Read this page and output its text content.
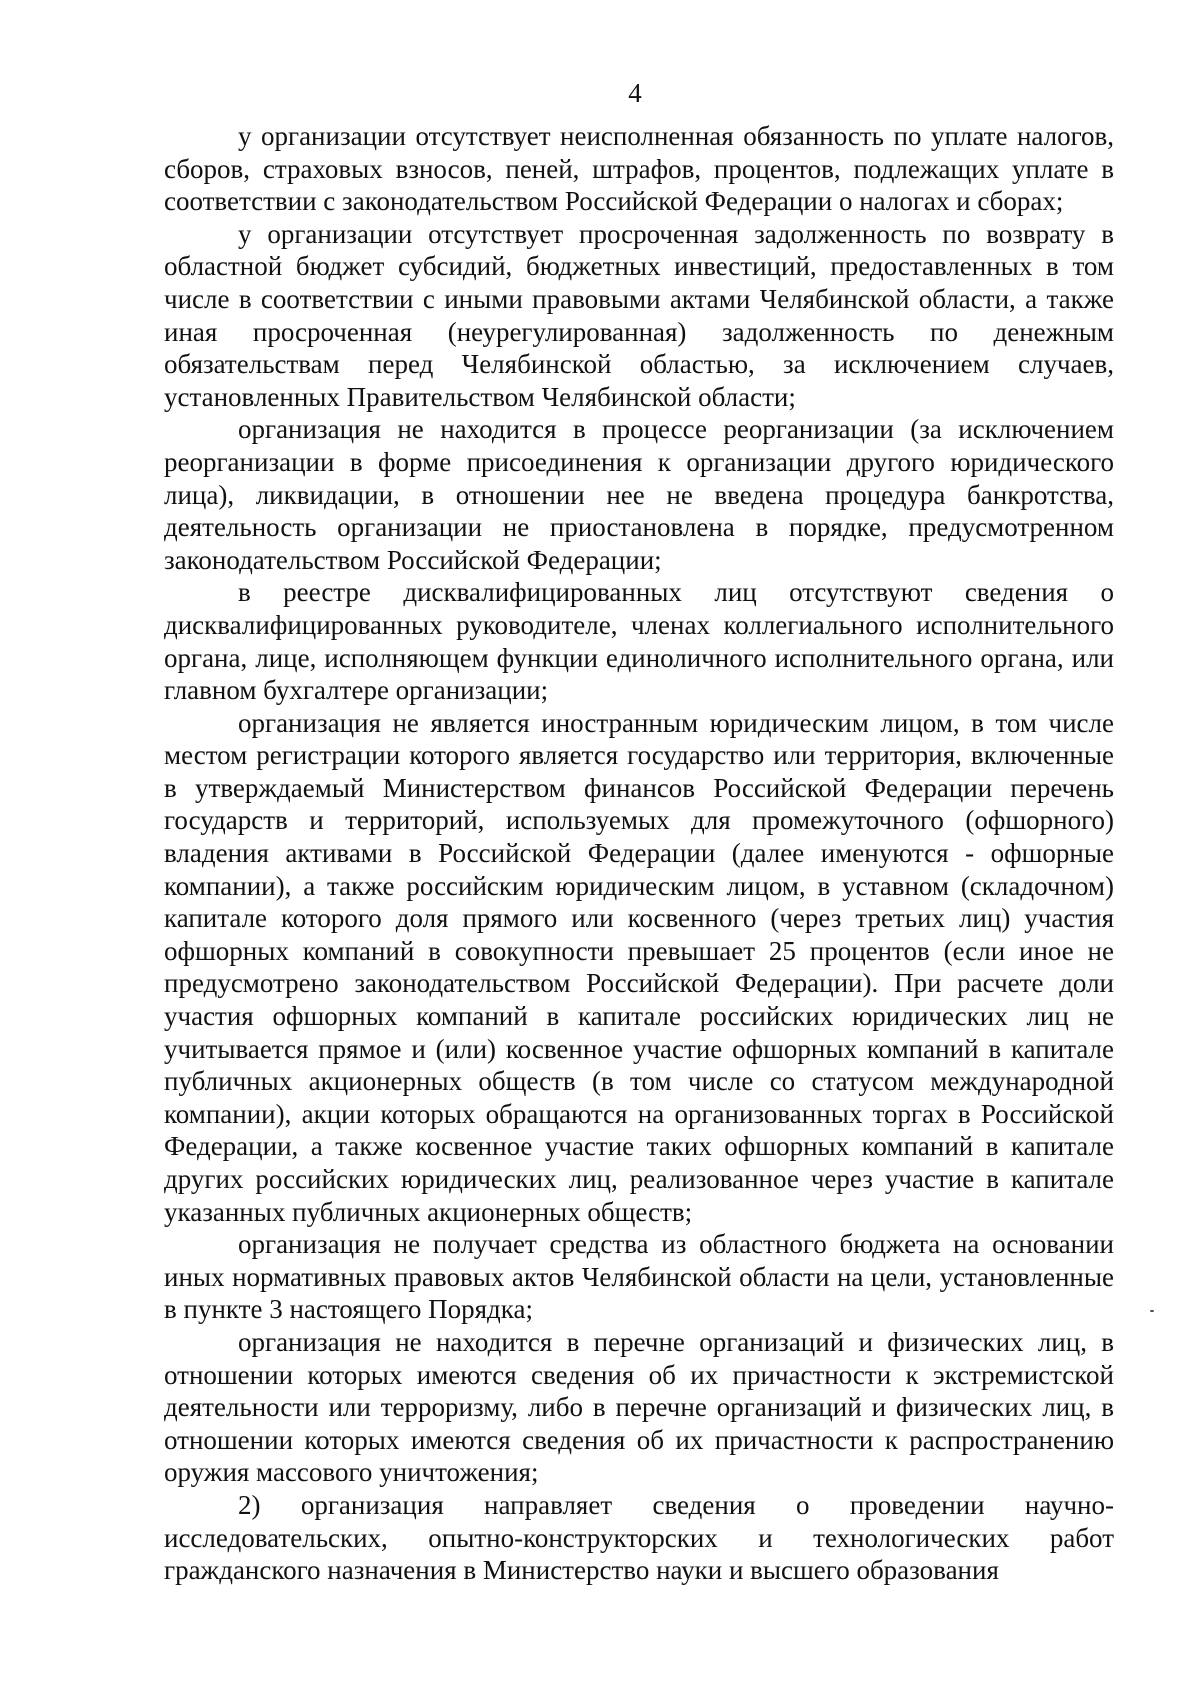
4

у организации отсутствует неисполненная обязанность по уплате налогов, сборов, страховых взносов, пеней, штрафов, процентов, подлежащих уплате в соответствии с законодательством Российской Федерации о налогах и сборах;

у организации отсутствует просроченная задолженность по возврату в областной бюджет субсидий, бюджетных инвестиций, предоставленных в том числе в соответствии с иными правовыми актами Челябинской области, а также иная просроченная (неурегулированная) задолженность по денежным обязательствам перед Челябинской областью, за исключением случаев, установленных Правительством Челябинской области;

организация не находится в процессе реорганизации (за исключением реорганизации в форме присоединения к организации другого юридического лица), ликвидации, в отношении нее не введена процедура банкротства, деятельность организации не приостановлена в порядке, предусмотренном законодательством Российской Федерации;

в реестре дисквалифицированных лиц отсутствуют сведения о дисквалифицированных руководителе, членах коллегиального исполнительного органа, лице, исполняющем функции единоличного исполнительного органа, или главном бухгалтере организации;

организация не является иностранным юридическим лицом, в том числе местом регистрации которого является государство или территория, включенные в утверждаемый Министерством финансов Российской Федерации перечень государств и территорий, используемых для промежуточного (офшорного) владения активами в Российской Федерации (далее именуются - офшорные компании), а также российским юридическим лицом, в уставном (складочном) капитале которого доля прямого или косвенного (через третьих лиц) участия офшорных компаний в совокупности превышает 25 процентов (если иное не предусмотрено законодательством Российской Федерации). При расчете доли участия офшорных компаний в капитале российских юридических лиц не учитывается прямое и (или) косвенное участие офшорных компаний в капитале публичных акционерных обществ (в том числе со статусом международной компании), акции которых обращаются на организованных торгах в Российской Федерации, а также косвенное участие таких офшорных компаний в капитале других российских юридических лиц, реализованное через участие в капитале указанных публичных акционерных обществ;

организация не получает средства из областного бюджета на основании иных нормативных правовых актов Челябинской области на цели, установленные в пункте 3 настоящего Порядка;

организация не находится в перечне организаций и физических лиц, в отношении которых имеются сведения об их причастности к экстремистской деятельности или терроризму, либо в перечне организаций и физических лиц, в отношении которых имеются сведения об их причастности к распространению оружия массового уничтожения;

2) организация направляет сведения о проведении научно-исследовательских, опытно-конструкторских и технологических работ гражданского назначения в Министерство науки и высшего образования
